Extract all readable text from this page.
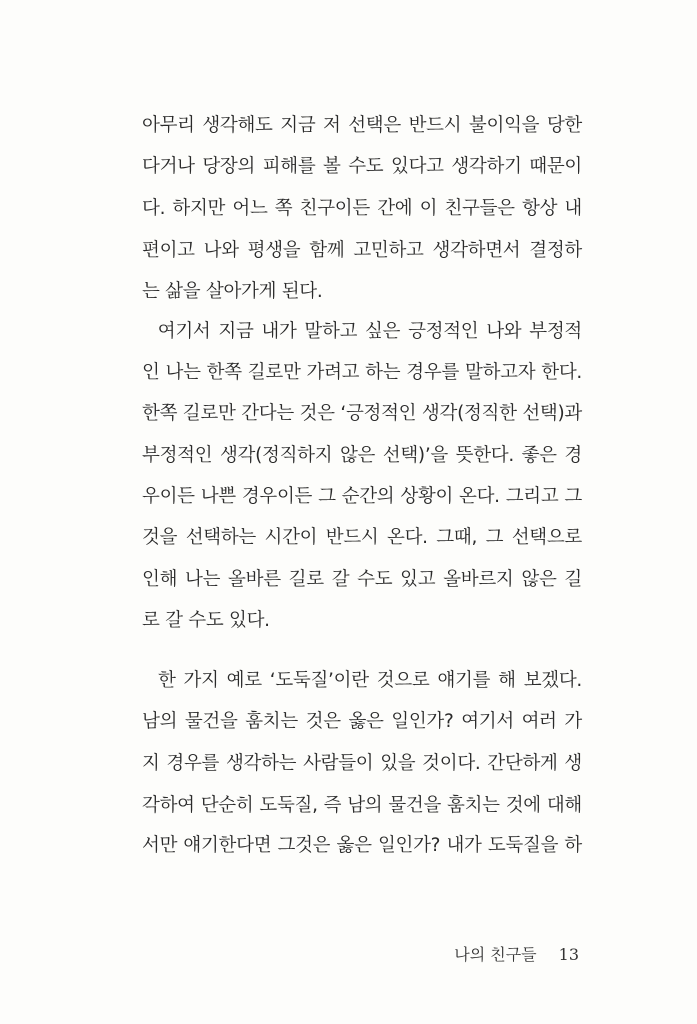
아무리 생각해도 지금 저 선택은 반드시 불이익을 당한
다거나 당장의 피해를 볼 수도 있다고 생각하기 때문이
다. 하지만 어느 쪽 친구이든 간에 이 친구들은 항상 내
편이고 나와 평생을 함께 고민하고 생각하면서 결정하
는 삶을 살아가게 된다.
여기서 지금 내가 말하고 싶은 긍정적인 나와 부정적
인 나는 한쪽 길로만 가려고 하는 경우를 말하고자 한다.
한쪽 길로만 간다는 것은 ‘긍정적인 생각(정직한 선택)과
부정적인 생각(정직하지 않은 선택)’을 뜻한다. 좋은 경
우이든 나쁜 경우이든 그 순간의 상황이 온다. 그리고 그
것을 선택하는 시간이 반드시 온다. 그때, 그 선택으로
인해 나는 올바른 길로 갈 수도 있고 올바르지 않은 길
로 갈 수도 있다.
한 가지 예로 ‘도둑질’이란 것으로 얘기를 해 보겠다.
남의 물건을 훔치는 것은 옳은 일인가? 여기서 여러 가
지 경우를 생각하는 사람들이 있을 것이다. 간단하게 생
각하여 단순히 도둑질, 즉 남의 물건을 훔치는 것에 대해
서만 얘기한다면 그것은 옳은 일인가? 내가 도둑질을 하
나의 친구들 13
